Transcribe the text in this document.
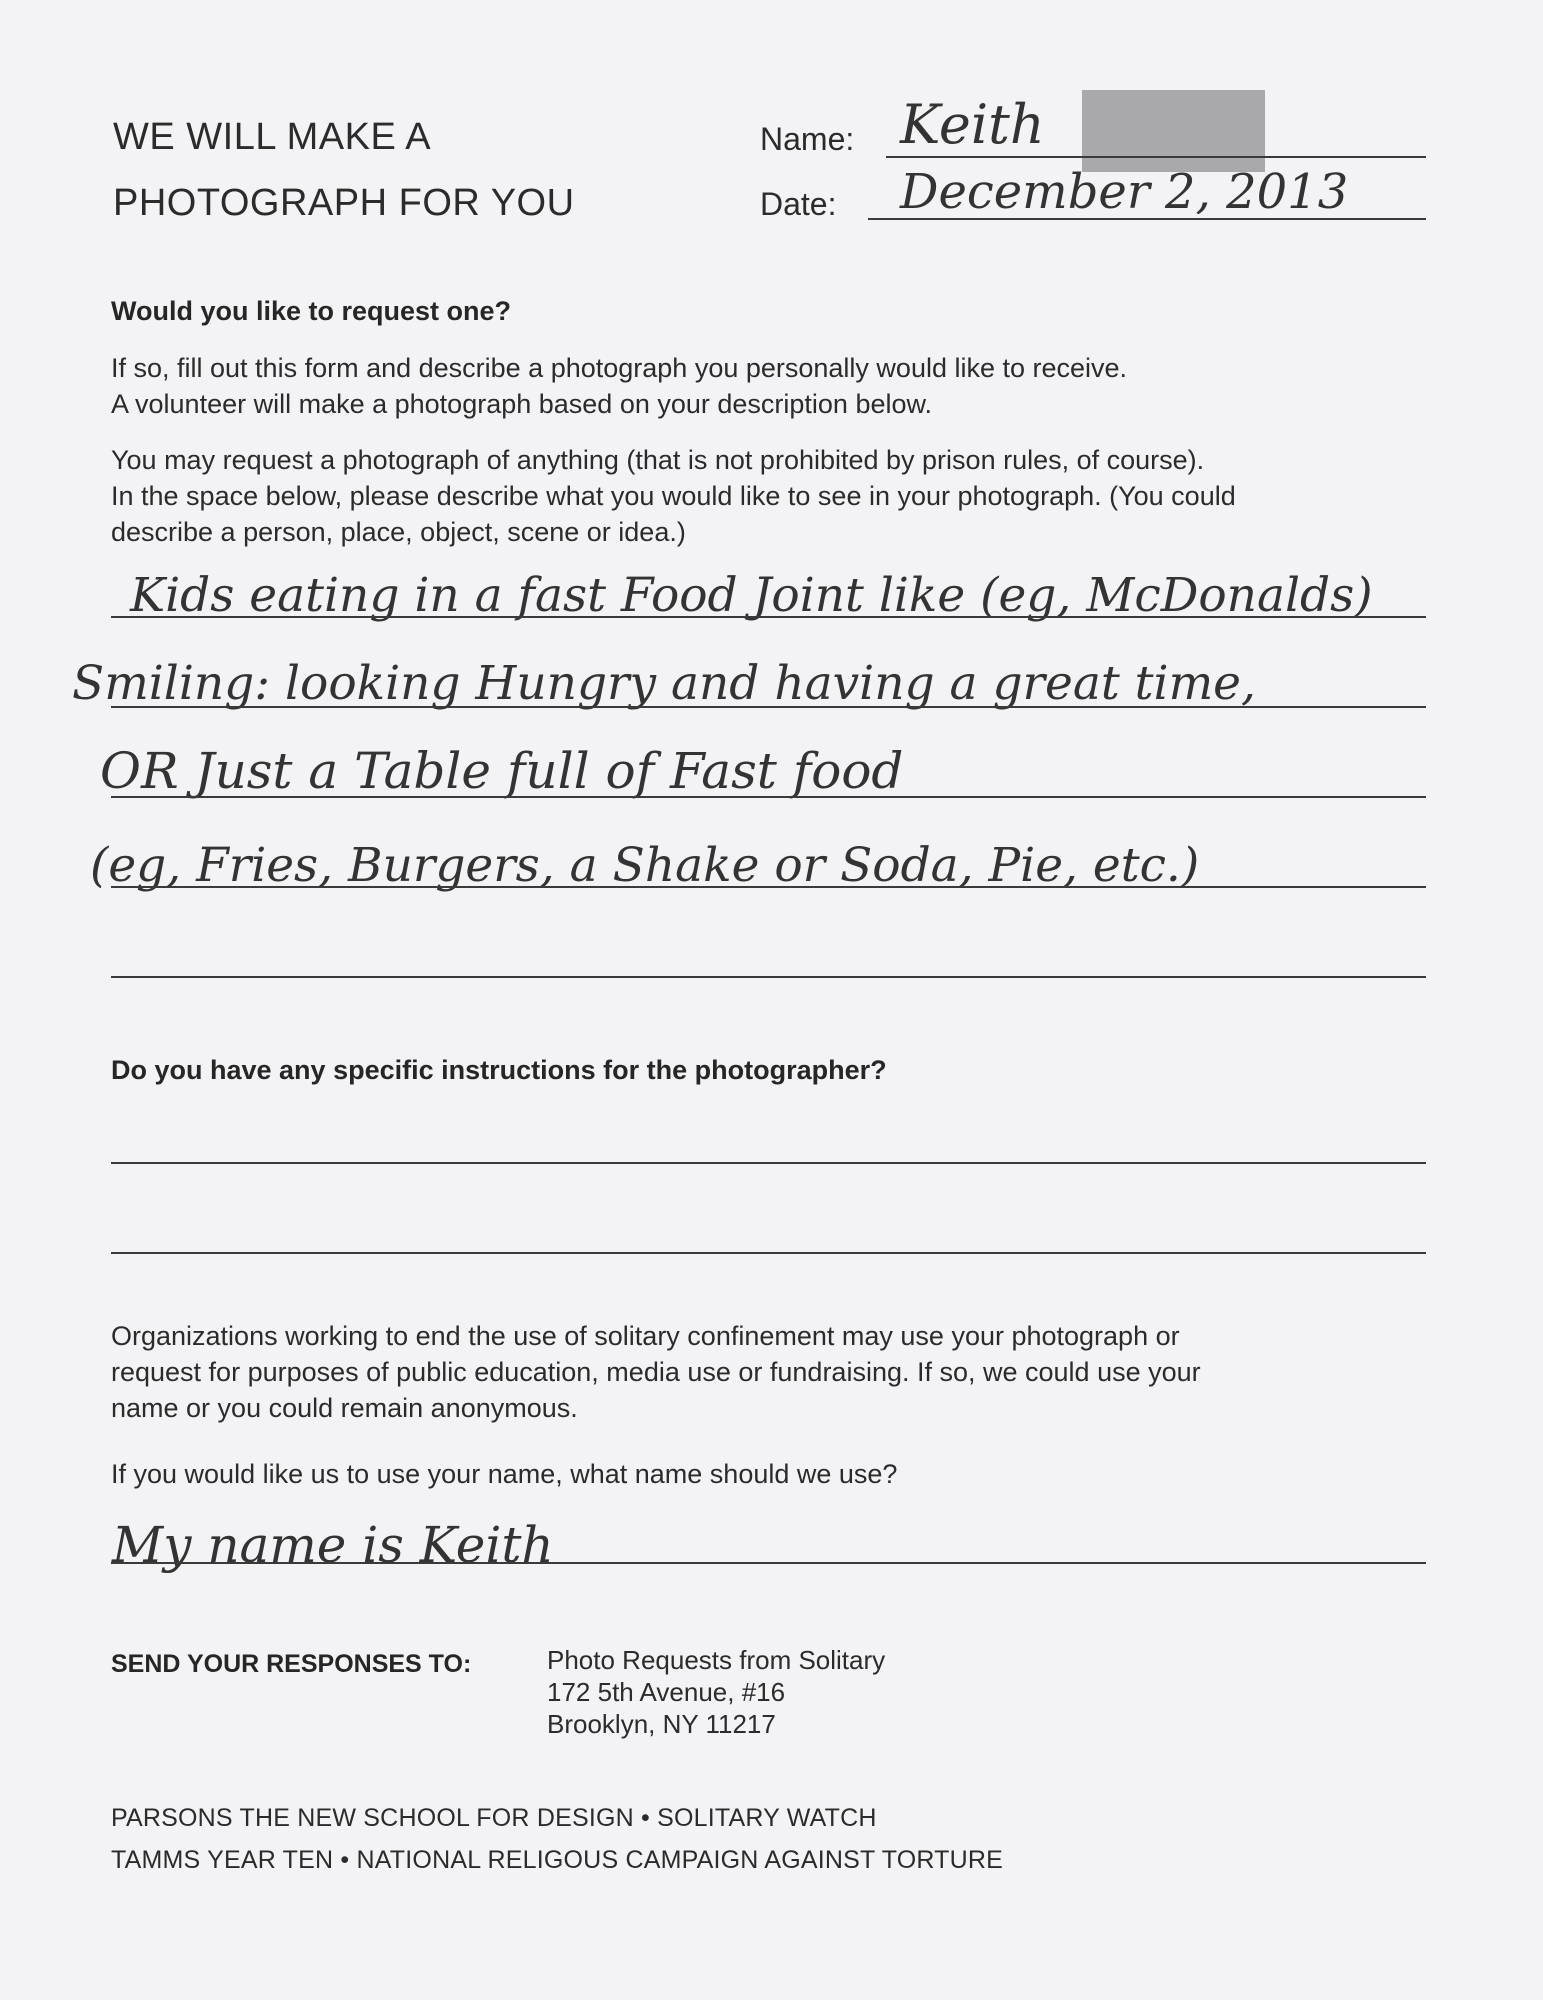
WE WILL MAKE A
PHOTOGRAPH FOR YOU
Name: Keith
Date: December 2, 2013
Would you like to request one?
If so, fill out this form and describe a photograph you personally would like to receive.
A volunteer will make a photograph based on your description below.
You may request a photograph of anything (that is not prohibited by prison rules, of course).
In the space below, please describe what you would like to see in your photograph. (You could
describe a person, place, object, scene or idea.)
Kids eating in a fast Food Joint like (eg, McDonalds)
Smiling: looking Hungry and having a great time,
OR Just a Table full of Fast food
(eg, Fries, Burgers, a Shake or Soda, Pie, etc.)
Do you have any specific instructions for the photographer?
Organizations working to end the use of solitary confinement may use your photograph or
request for purposes of public education, media use or fundraising. If so, we could use your
name or you could remain anonymous.
If you would like us to use your name, what name should we use?
My name is Keith
SEND YOUR RESPONSES TO:	Photo Requests from Solitary
172 5th Avenue, #16
Brooklyn, NY 11217
PARSONS THE NEW SCHOOL FOR DESIGN • SOLITARY WATCH
TAMMS YEAR TEN • NATIONAL RELIGOUS CAMPAIGN AGAINST TORTURE
